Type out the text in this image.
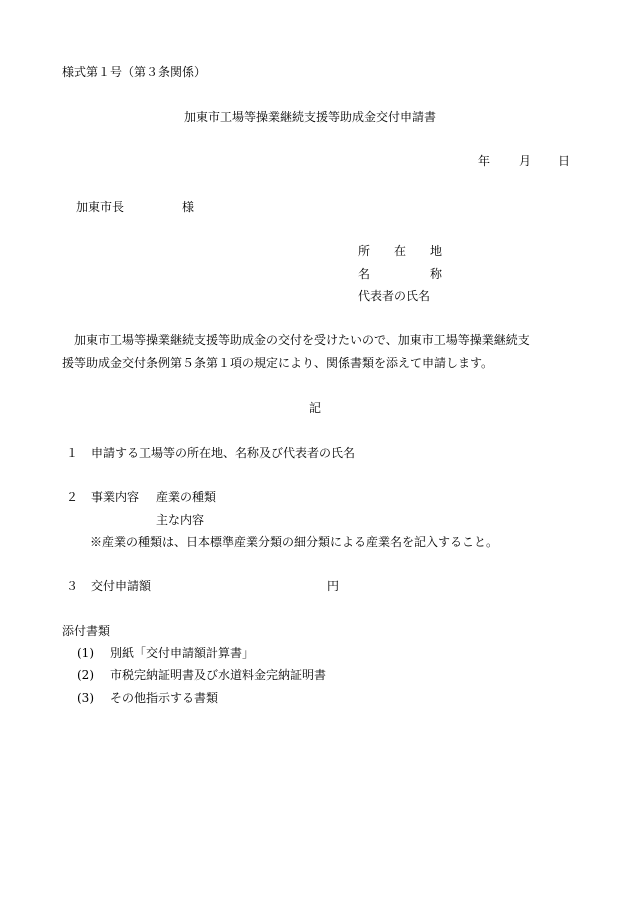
様式第１号（第３条関係）
加東市工場等操業継続支援等助成金交付申請書
年 月 日
加東市長	様
所　　在　　地
名　　　　　称
代表者の氏名
　加東市工場等操業継続支援等助成金の交付を受けたいので、加東市工場等操業継続支
援等助成金交付条例第５条第１項の規定により、関係書類を添えて申請します。
記
１ 申請する工場等の所在地、名称及び代表者の氏名
２ 事業内容 産業の種類
主な内容
※産業の種類は、日本標準産業分類の細分類による産業名を記入すること。
３ 交付申請額	円
添付書類
(1) 別紙「交付申請額計算書」
(2) 市税完納証明書及び水道料金完納証明書
(3) その他指示する書類
